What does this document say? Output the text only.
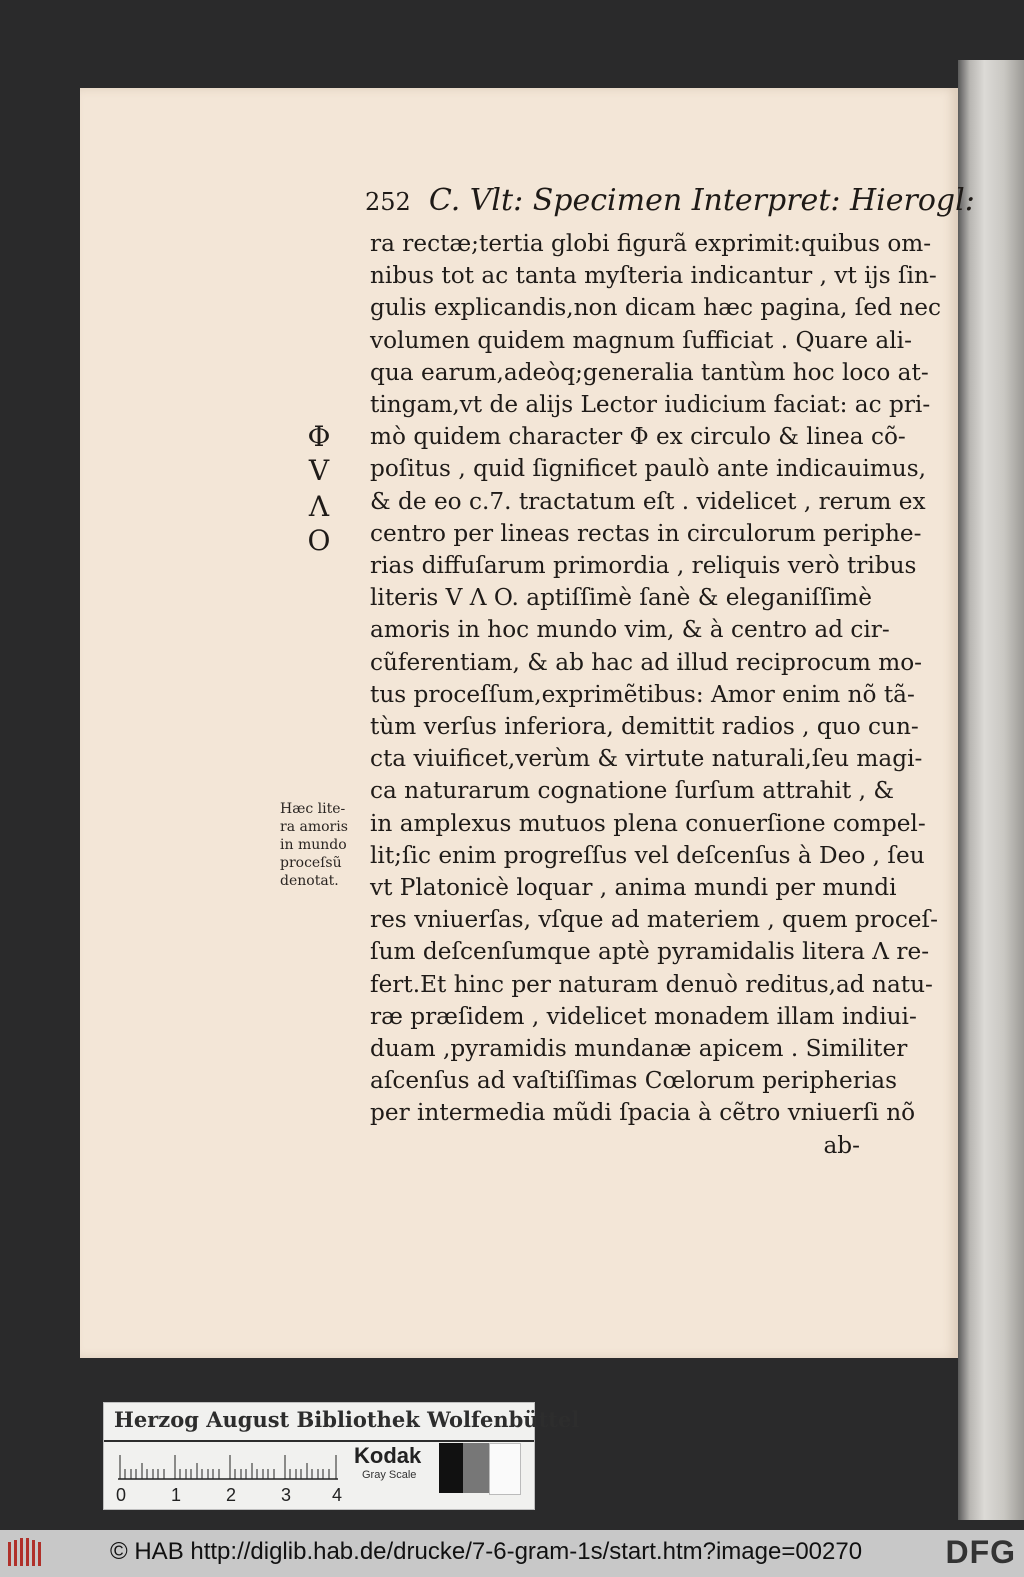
252 C. Vlt: Specimen Interpret: Hierogl:
ra rectæ;tertia globi figurã exprimit:quibus om-
nibus tot ac tanta myſteria indicantur , vt ijs ſin-
gulis explicandis,non dicam hæc pagina, ſed nec
volumen quidem magnum ſufficiat . Quare ali-
qua earum,adeòq;generalia tantùm hoc loco at-
tingam,vt de alijs Lector iudicium faciat: ac pri-
mò quidem character Φ ex circulo & linea cõ-
poſitus , quid ſignificet paulò ante indicauimus,
& de eo c.7. tractatum eſt . videlicet , rerum ex
centro per lineas rectas in circulorum periphe-
rias diffuſarum primordia , reliquis verò tribus
literis V Λ O. aptiſſimè ſanè & eleganiſſimè
amoris in hoc mundo vim, & à centro ad cir-
cũferentiam, & ab hac ad illud reciprocum mo-
tus proceſſum,exprimẽtibus: Amor enim nõ tã-
tùm verſus inferiora, demittit radios , quo cun-
cta viuificet,verùm & virtute naturali,ſeu magi-
ca naturarum cognatione ſurſum attrahit , &
in amplexus mutuos plena conuerſione compel-
lit;ſic enim progreſſus vel deſcenſus à Deo , ſeu
vt Platonicè loquar , anima mundi per mundi
res vniuerſas, vſque ad materiem , quem proceſ-
ſum deſcenſumque aptè pyramidalis litera Λ re-
fert.Et hinc per naturam denuò reditus,ad natu-
ræ præſidem , videlicet monadem illam indiui-
duam ,pyramidis mundanæ apicem . Similiter
aſcenſus ad vaſtiſſimas Cœlorum peripherias
per intermedia mũdi ſpacia à cẽtro vniuerſi nõ
ab-
Φ
V
Λ
O
Hæc lite-
ra amoris
in mundo
proceſsũ
denotat.
Herzog August Bibliothek Wolfenbüttel
0 1 2 3 4
Kodak
Gray Scale
© HAB http://diglib.hab.de/drucke/7-6-gram-1s/start.htm?image=00270	DFG
